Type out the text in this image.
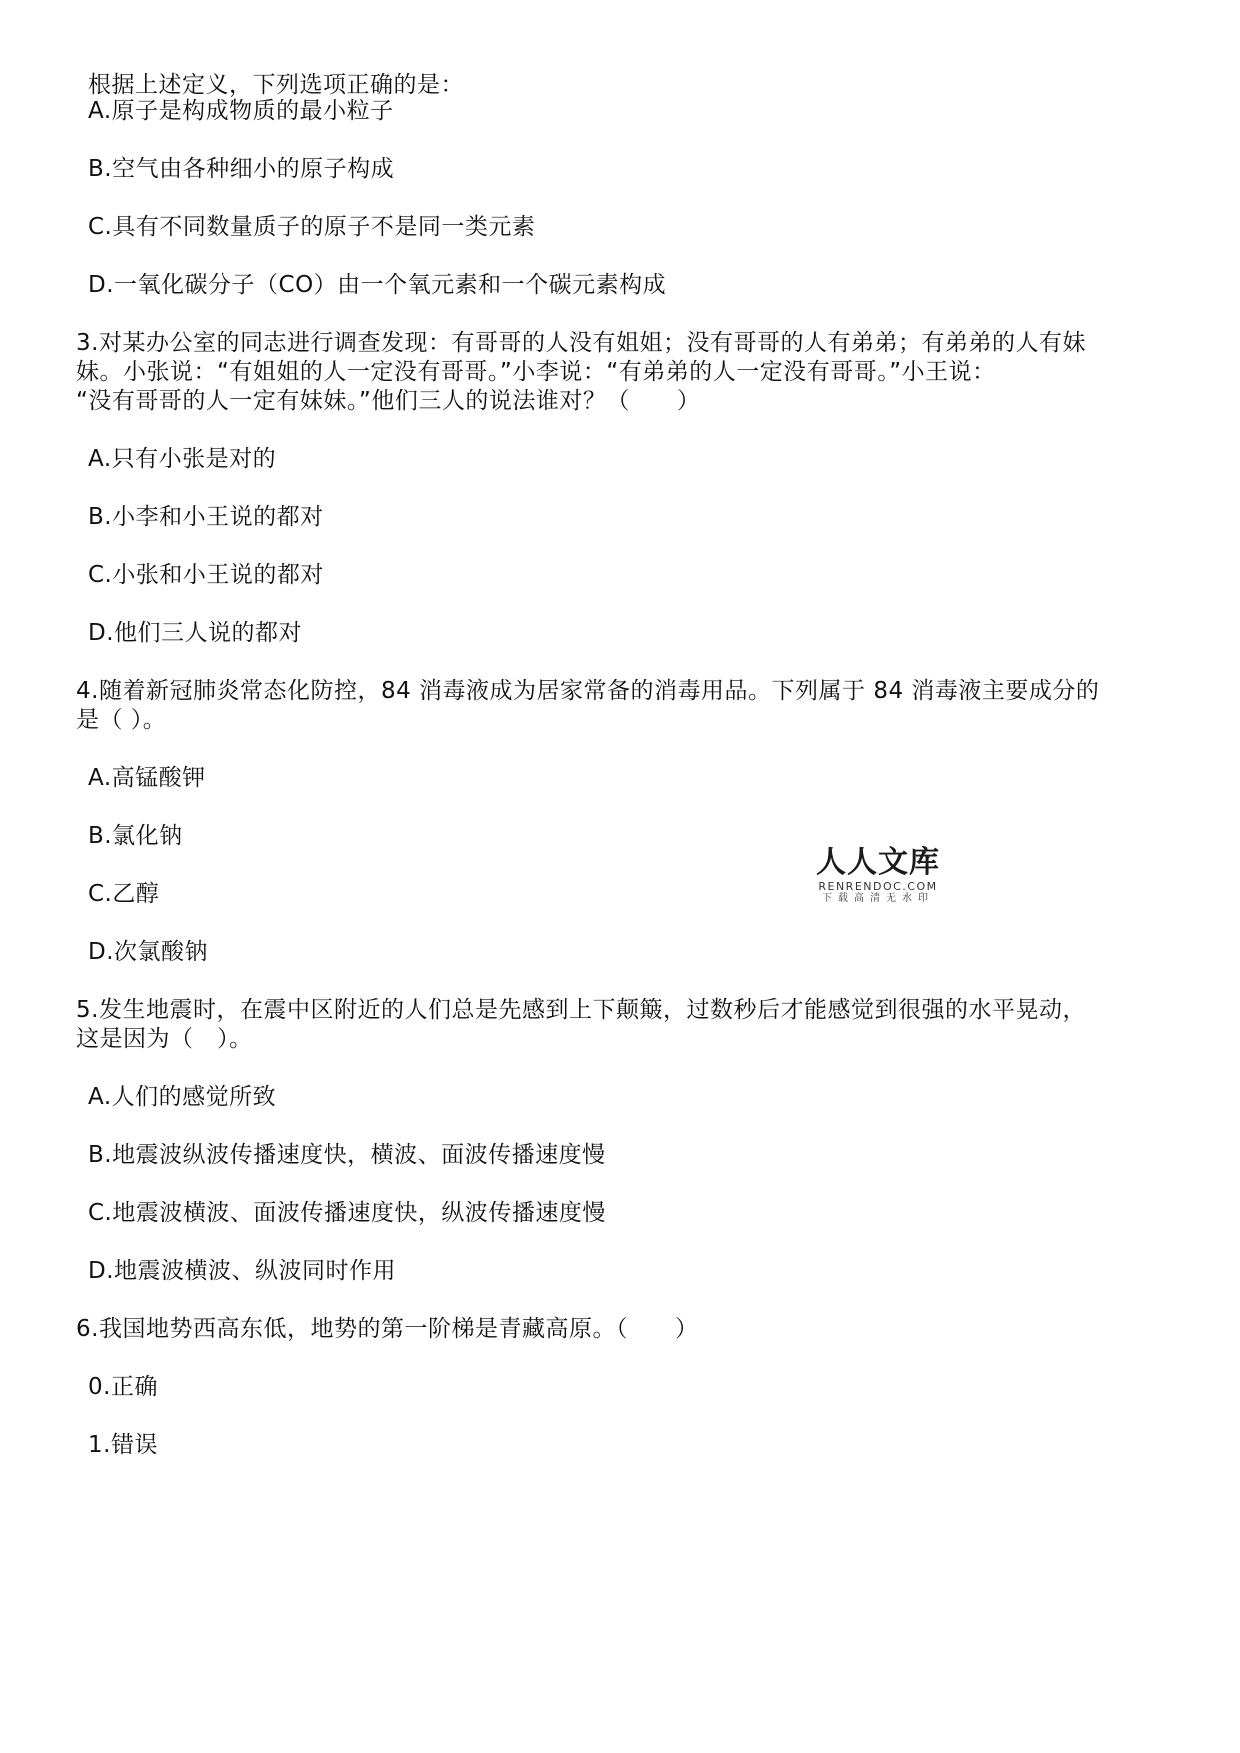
根据上述定义，下列选项正确的是：
A.原子是构成物质的最小粒子
B.空气由各种细小的原子构成
C.具有不同数量质子的原子不是同一类元素
D.一氧化碳分子（CO）由一个氧元素和一个碳元素构成
3.对某办公室的同志进行调查发现：有哥哥的人没有姐姐；没有哥哥的人有弟弟；有弟弟的人有妹
妹。小张说：“有姐姐的人一定没有哥哥。”小李说：“有弟弟的人一定没有哥哥。”小王说：
“没有哥哥的人一定有妹妹。”他们三人的说法谁对？（　　）
A.只有小张是对的
B.小李和小王说的都对
C.小张和小王说的都对
D.他们三人说的都对
4.随着新冠肺炎常态化防控，84 消毒液成为居家常备的消毒用品。下列属于 84 消毒液主要成分的
是（ ）。
A.高锰酸钾
B.氯化钠
C.乙醇
D.次氯酸钠
5.发生地震时，在震中区附近的人们总是先感到上下颠簸，过数秒后才能感觉到很强的水平晃动，
这是因为（　）。
A.人们的感觉所致
B.地震波纵波传播速度快，横波、面波传播速度慢
C.地震波横波、面波传播速度快，纵波传播速度慢
D.地震波横波、纵波同时作用
6.我国地势西高东低，地势的第一阶梯是青藏高原。（　　）
0.正确
1.错误
人人文库
RENRENDOC.COM
下载高清无水印
